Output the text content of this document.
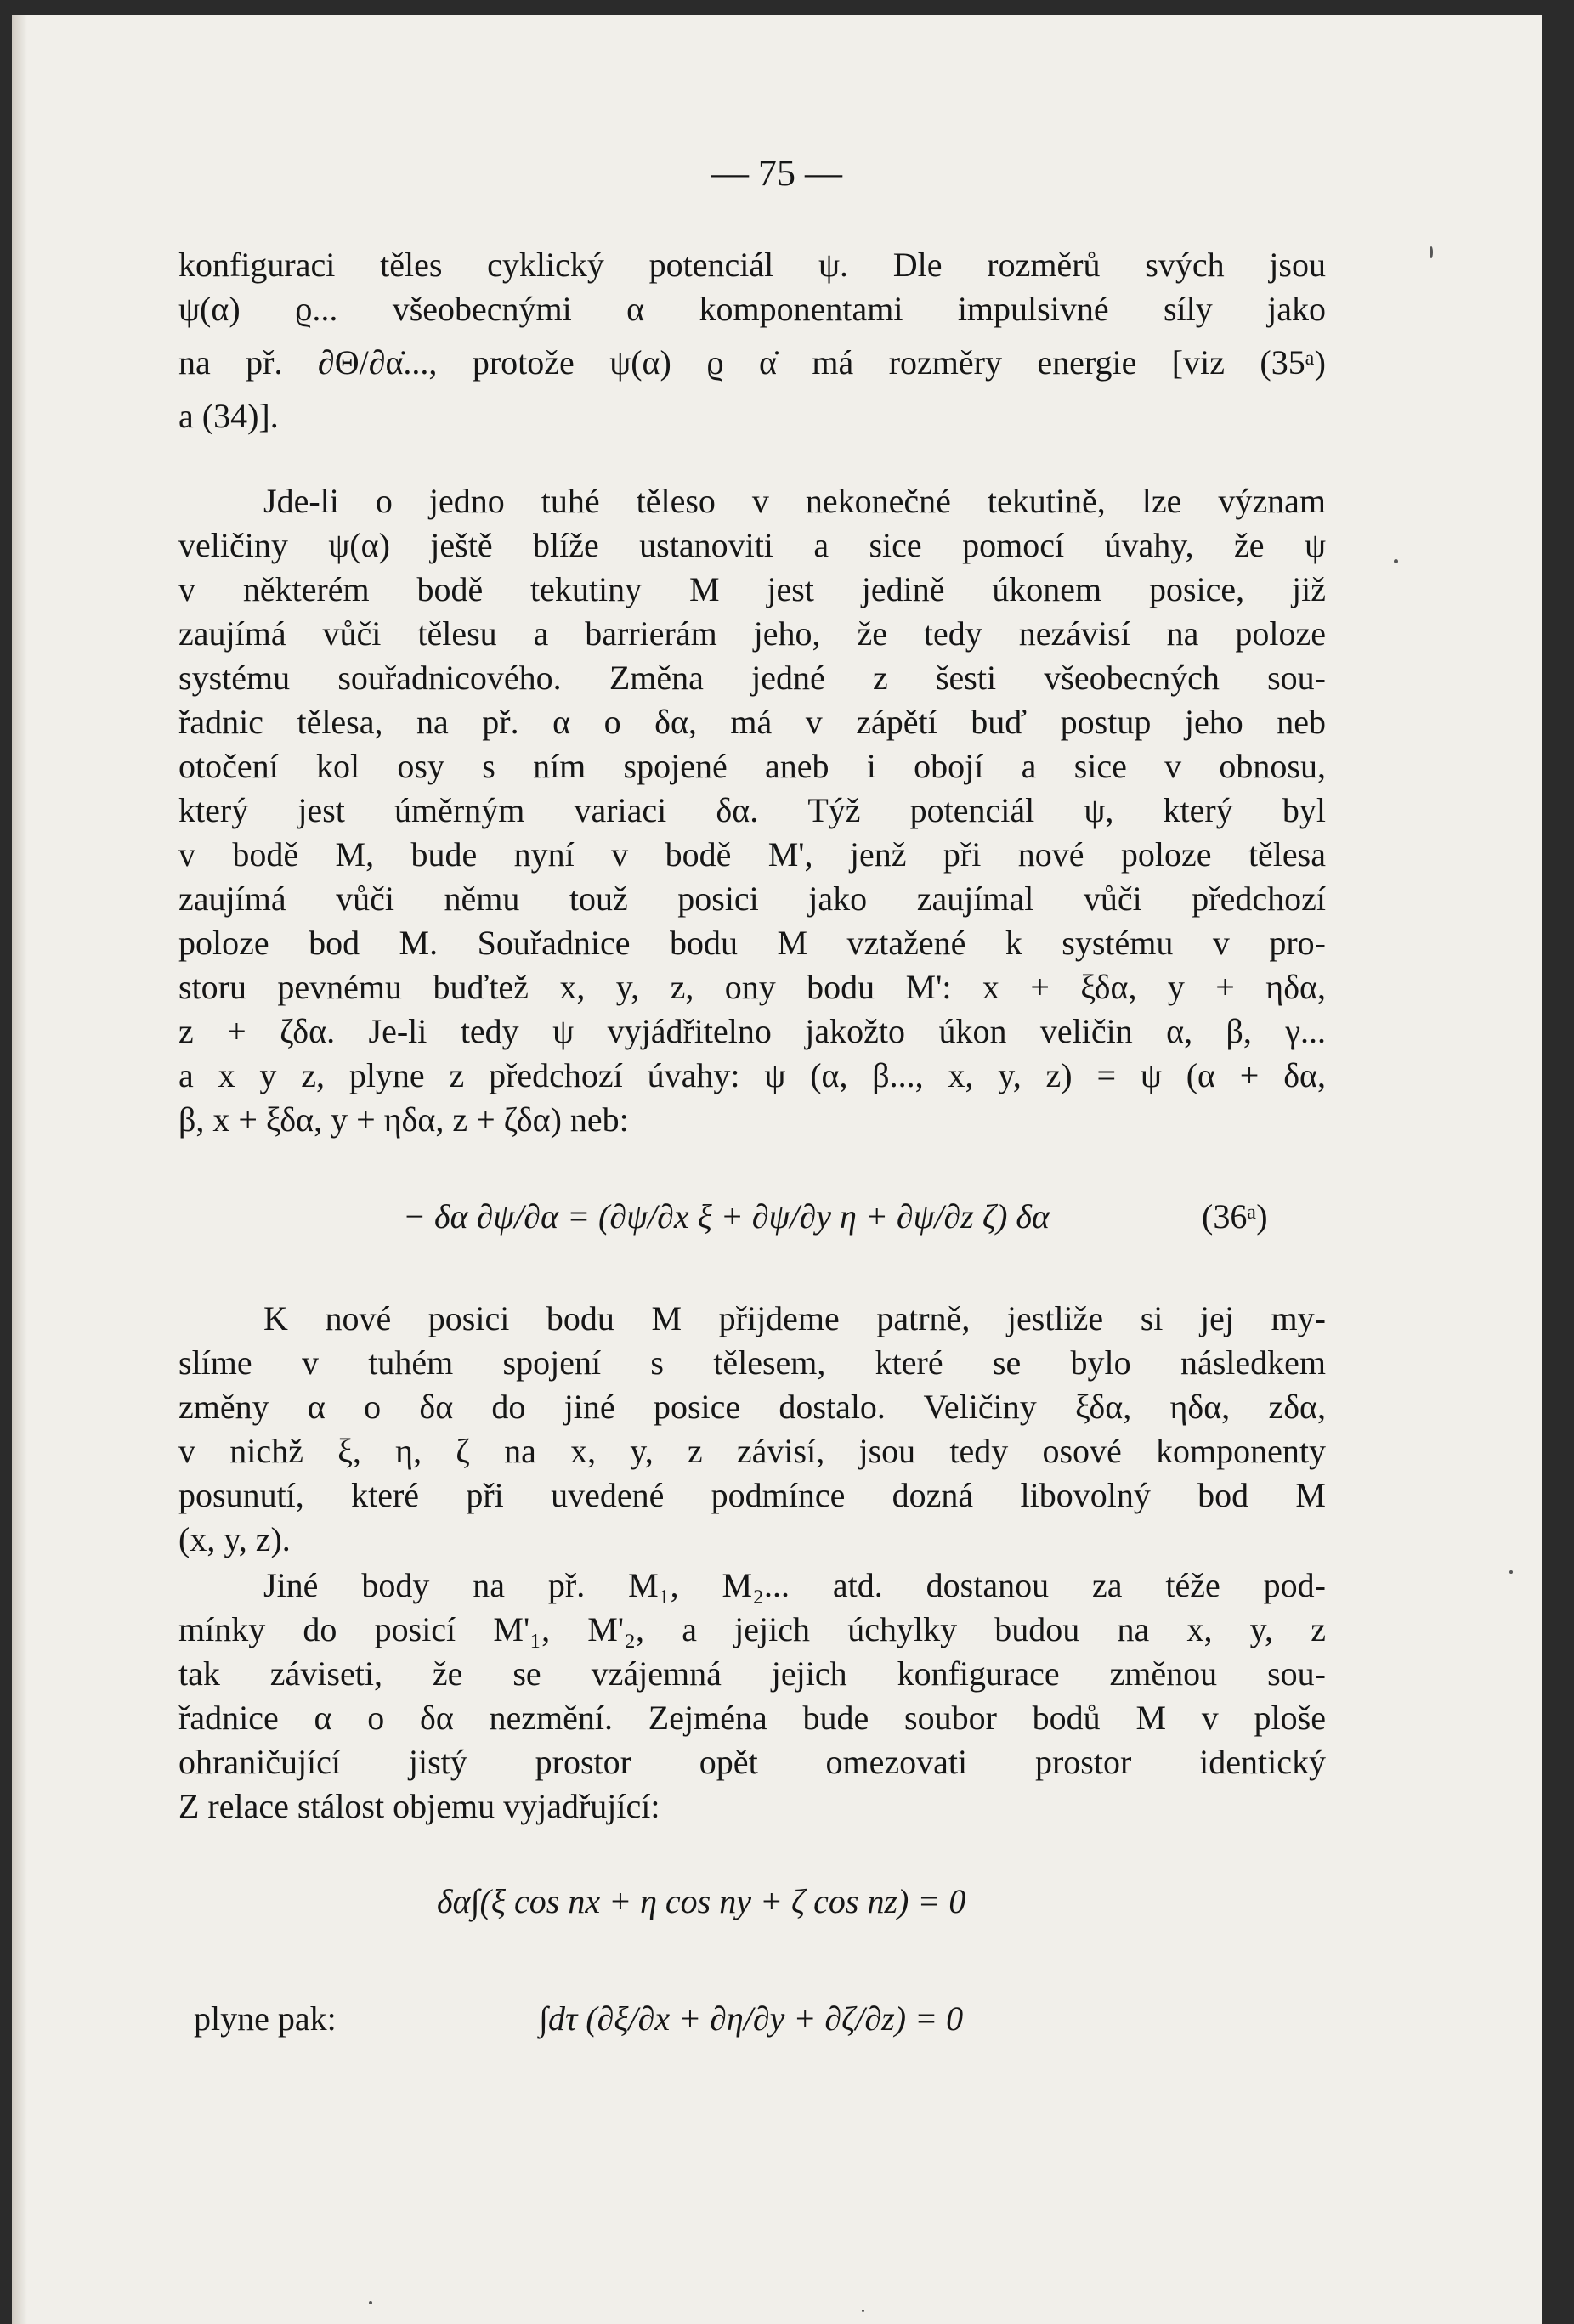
— 75 —
konfiguraci těles cyklický potenciál ψ. Dle rozměrů svých jsou
ψ(α) ϱ... všeobecnými α komponentami impulsivné síly jako
na př. ∂Θ/∂α̇..., protože ψ(α) ϱ α̇ má rozměry energie [viz (35ᵃ)
a (34)].
Jde-li o jedno tuhé těleso v nekonečné tekutině, lze význam
veličiny ψ(α) ještě blíže ustanoviti a sice pomocí úvahy, že ψ
v některém bodě tekutiny M jest jedině úkonem posice, již
zaujímá vůči tělesu a barrierám jeho, že tedy nezávisí na poloze
systému souřadnicového. Změna jedné z šesti všeobecných sou-
řadnic tělesa, na př. α o δα, má v zápětí buď postup jeho neb
otočení kol osy s ním spojené aneb i obojí a sice v obnosu,
který jest úměrným variaci δα. Týž potenciál ψ, který byl
v bodě M, bude nyní v bodě M', jenž při nové poloze tělesa
zaujímá vůči němu touž posici jako zaujímal vůči předchozí
poloze bod M. Souřadnice bodu M vztažené k systému v pro-
storu pevnému buďtež x, y, z, ony bodu M': x + ξδα, y + ηδα,
z + ζδα. Je-li tedy ψ vyjádřitelno jakožto úkon veličin α, β, γ...
a x y z, plyne z předchozí úvahy: ψ (α, β..., x, y, z) = ψ (α + δα,
β, x + ξδα, y + ηδα, z + ζδα) neb:
− δα ∂ψ/∂α = (∂ψ/∂x ξ + ∂ψ/∂y η + ∂ψ/∂z ζ) δα	(36ᵃ)
K nové posici bodu M přijdeme patrně, jestliže si jej my-
slíme v tuhém spojení s tělesem, které se bylo následkem
změny α o δα do jiné posice dostalo. Veličiny ξδα, ηδα, zδα,
v nichž ξ, η, ζ na x, y, z závisí, jsou tedy osové komponenty
posunutí, které při uvedené podmínce dozná libovolný bod M
(x, y, z).
Jiné body na př. M₁, M₂... atd. dostanou za téže pod-
mínky do posicí M'₁, M'₂, a jejich úchylky budou na x, y, z
tak záviseti, že se vzájemná jejich konfigurace změnou sou-
řadnice α o δα nezmění. Zejména bude soubor bodů M v ploše
ohraničující jistý prostor opět omezovati prostor identický
Z relace stálost objemu vyjadřující:
δα∫(ξ cos nx + η cos ny + ζ cos nz) = 0
plyne pak:	∫dτ (∂ξ/∂x + ∂η/∂y + ∂ζ/∂z) = 0
